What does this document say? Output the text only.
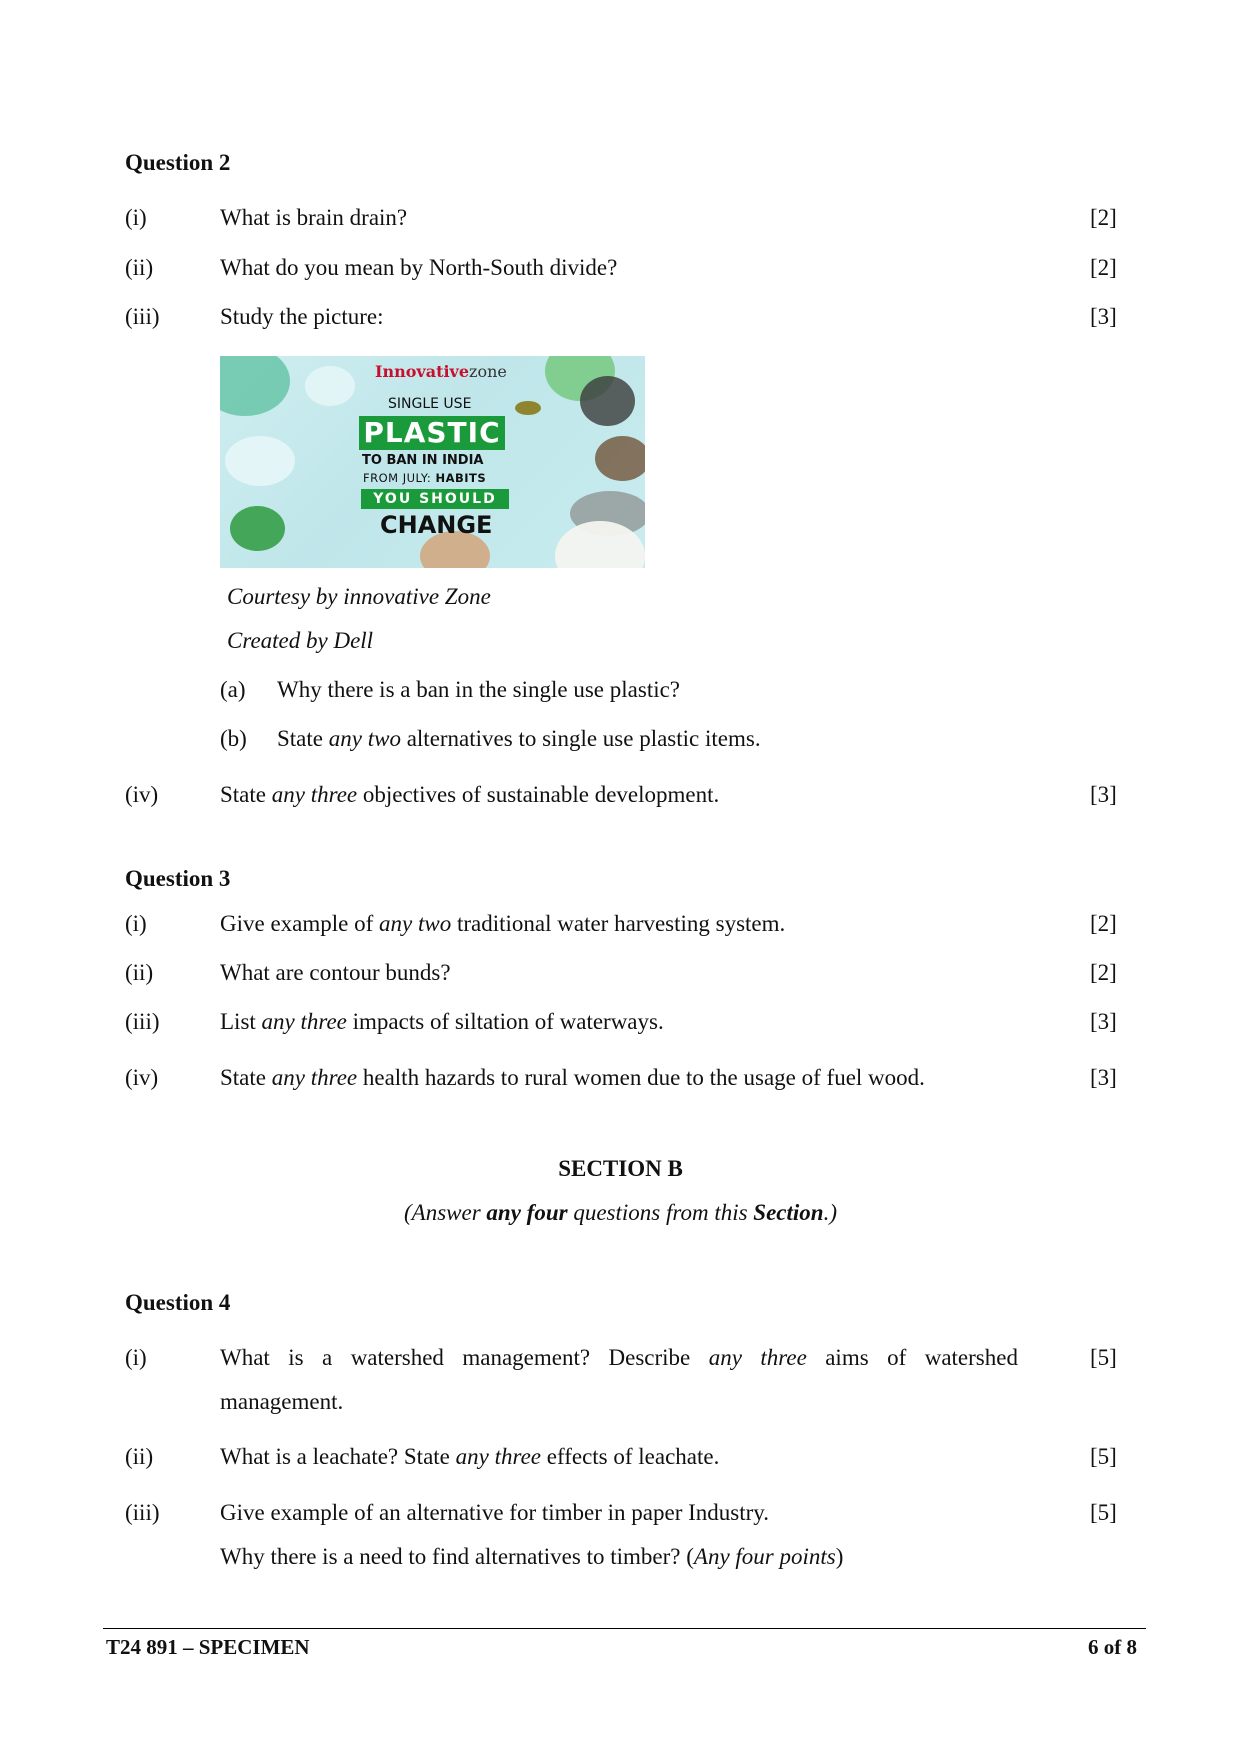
Question 2
(i)	What is brain drain?	[2]
(ii)	What do you mean by North-South divide?	[2]
(iii)	Study the picture:	[3]
Innovativezone
SINGLE USE
PLASTIC
TO BAN IN INDIA
FROM JULY: HABITS
YOU SHOULD
CHANGE
Courtesy by innovative Zone
Created by Dell
(a) Why there is a ban in the single use plastic?
(b) State any two alternatives to single use plastic items.
(iv)	State any three objectives of sustainable development.	[3]
Question 3
(i)	Give example of any two traditional water harvesting system.	[2]
(ii)	What are contour bunds?	[2]
(iii)	List any three impacts of siltation of waterways.	[3]
(iv)	State any three health hazards to rural women due to the usage of fuel wood.	[3]
SECTION B
(Answer any four questions from this Section.)
Question 4
(i)	What is a watershed management? Describe any three aims of watershed
management.
[5]
(ii)	What is a leachate? State any three effects of leachate.	[5]
(iii)	Give example of an alternative for timber in paper Industry.
Why there is a need to find alternatives to timber? (Any four points)
[5]
T24 891 – SPECIMEN	6 of 8
